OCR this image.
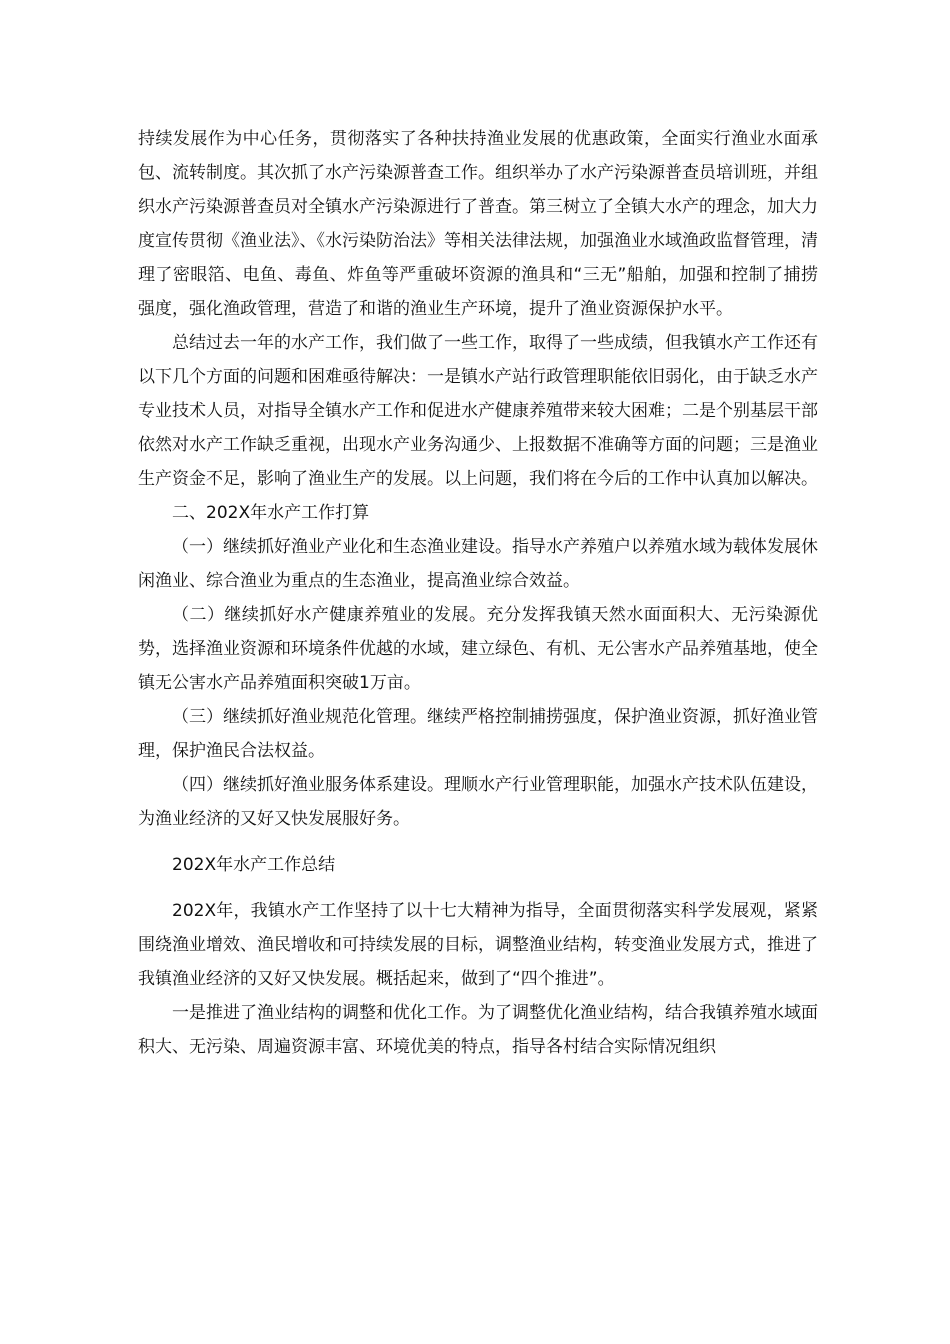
持续发展作为中心任务，贯彻落实了各种扶持渔业发展的优惠政策，全面实行渔业水面承包、流转制度。其次抓了水产污染源普查工作。组织举办了水产污染源普查员培训班，并组织水产污染源普查员对全镇水产污染源进行了普查。第三树立了全镇大水产的理念，加大力度宣传贯彻《渔业法》、《水污染防治法》等相关法律法规，加强渔业水域渔政监督管理，清理了密眼箔、电鱼、毒鱼、炸鱼等严重破坏资源的渔具和“三无”船舶，加强和控制了捕捞强度，强化渔政管理，营造了和谐的渔业生产环境，提升了渔业资源保护水平。

总结过去一年的水产工作，我们做了一些工作，取得了一些成绩，但我镇水产工作还有以下几个方面的问题和困难亟待解决：一是镇水产站行政管理职能依旧弱化，由于缺乏水产专业技术人员，对指导全镇水产工作和促进水产健康养殖带来较大困难；二是个别基层干部依然对水产工作缺乏重视，出现水产业务沟通少、上报数据不准确等方面的问题；三是渔业生产资金不足，影响了渔业生产的发展。以上问题，我们将在今后的工作中认真加以解决。

二、202X年水产工作打算

（一）继续抓好渔业产业化和生态渔业建设。指导水产养殖户以养殖水域为载体发展休闲渔业、综合渔业为重点的生态渔业，提高渔业综合效益。

（二）继续抓好水产健康养殖业的发展。充分发挥我镇天然水面面积大、无污染源优势，选择渔业资源和环境条件优越的水域，建立绿色、有机、无公害水产品养殖基地，使全镇无公害水产品养殖面积突破1万亩。

（三）继续抓好渔业规范化管理。继续严格控制捕捞强度，保护渔业资源，抓好渔业管理，保护渔民合法权益。

（四）继续抓好渔业服务体系建设。理顺水产行业管理职能，加强水产技术队伍建设，为渔业经济的又好又快发展服好务。

202X年水产工作总结

202X年，我镇水产工作坚持了以十七大精神为指导，全面贯彻落实科学发展观，紧紧围绕渔业增效、渔民增收和可持续发展的目标，调整渔业结构，转变渔业发展方式，推进了我镇渔业经济的又好又快发展。概括起来，做到了“四个推进”。

一是推进了渔业结构的调整和优化工作。为了调整优化渔业结构，结合我镇养殖水域面积大、无污染、周遍资源丰富、环境优美的特点，指导各村结合实际情况组织
